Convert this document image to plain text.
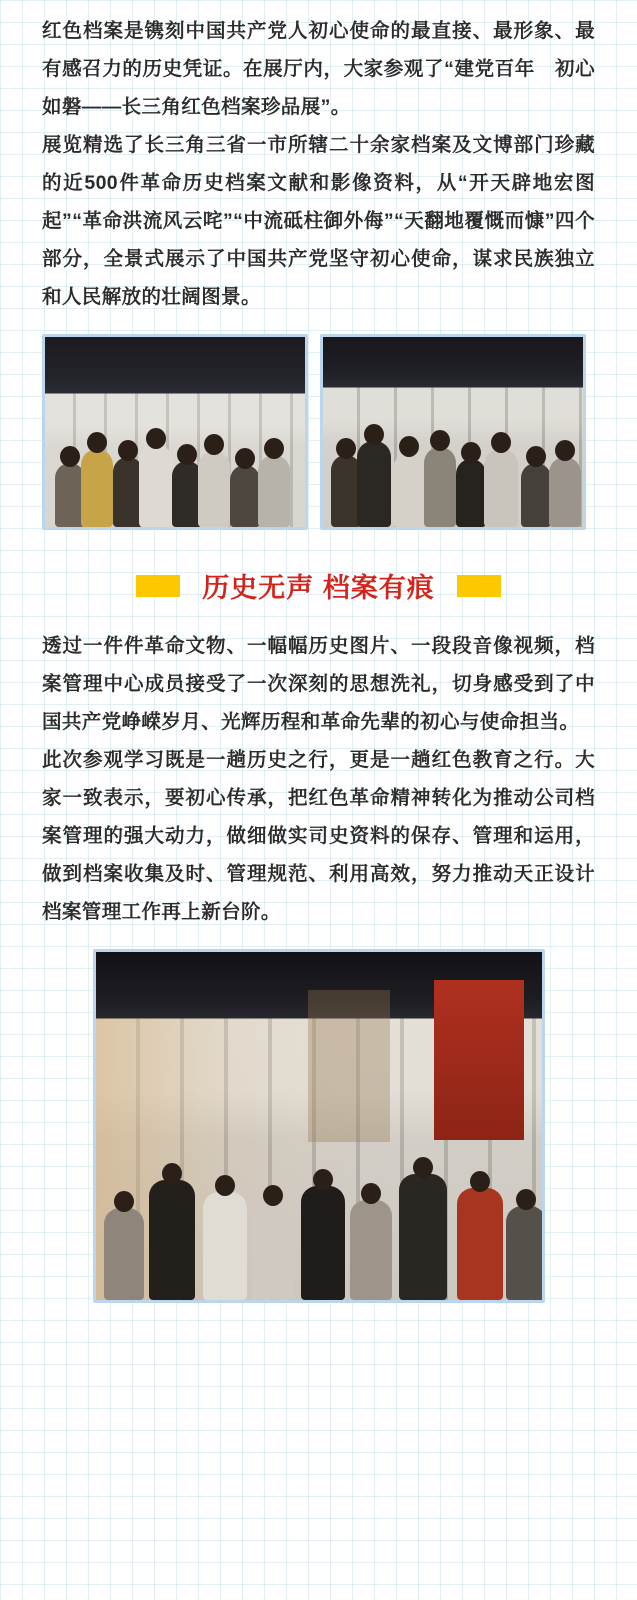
红色档案是镌刻中国共产党人初心使命的最直接、最形象、最有感召力的历史凭证。在展厅内，大家参观了“建党百年　初心如磐——长三角红色档案珍品展”。

展览精选了长三角三省一市所辖二十余家档案及文博部门珍藏的近500件革命历史档案文献和影像资料，从“开天辟地宏图起”“革命洪流风云咤”“中流砥柱御外侮”“天翻地覆慨而慷”四个部分，全景式展示了中国共产党坚守初心使命，谋求民族独立和人民解放的壮阔图景。

历史无声 档案有痕

透过一件件革命文物、一幅幅历史图片、一段段音像视频，档案管理中心成员接受了一次深刻的思想洗礼，切身感受到了中国共产党峥嵘岁月、光辉历程和革命先辈的初心与使命担当。

此次参观学习既是一趟历史之行，更是一趟红色教育之行。大家一致表示，要初心传承，把红色革命精神转化为推动公司档案管理的强大动力，做细做实司史资料的保存、管理和运用，做到档案收集及时、管理规范、利用高效，努力推动天正设计档案管理工作再上新台阶。
